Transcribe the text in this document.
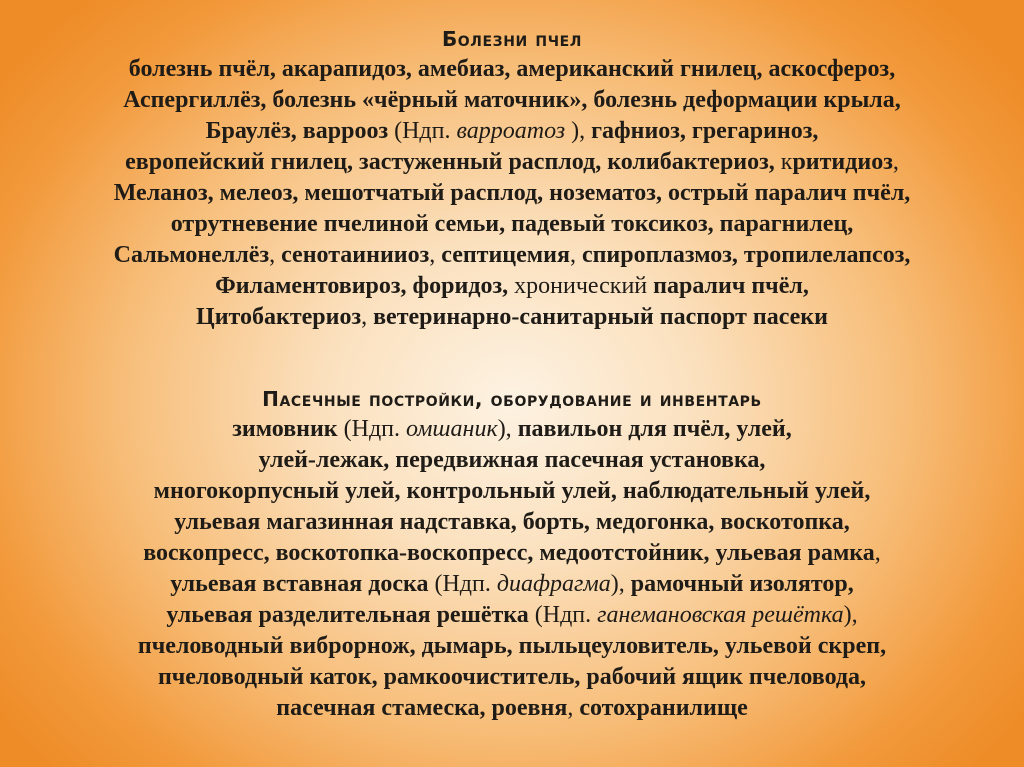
Болезни пчел
болезнь пчёл, акарапидоз, амебиаз, американский гнилец, аскосфероз,
Аспергиллёз, болезнь «чёрный маточник», болезнь деформации крыла,
Браулёз, варрооз (Ндп. варроатоз ), гафниоз, грегариноз,
европейский гнилец, застуженный расплод, колибактериоз, критидиоз,
Меланоз, мелеоз, мешотчатый расплод, нозематоз, острый паралич пчёл,
отрутневение пчелиной семьи, падевый токсикоз, парагнилец,
Сальмонеллёз, сенотаинииоз, септицемия, спироплазмоз, тропилелапсоз,
Филаментовироз, форидоз, хронический паралич пчёл,
Цитобактериоз, ветеринарно-санитарный паспорт пасеки
Пасечные постройки, оборудование и инвентарь
зимовник (Ндп. омшаник), павильон для пчёл, улей,
улей-лежак, передвижная пасечная установка,
многокорпусный улей, контрольный улей, наблюдательный улей,
ульевая магазинная надставка, борть, медогонка, воскотопка,
воскопресс, воскотопка-воскопресс, медоотстойник, ульевая рамка,
ульевая вставная доска (Ндп. диафрагма), рамочный изолятор,
ульевая разделительная решётка (Ндп. ганемановская решётка),
пчеловодный виброрнож, дымарь, пыльцеуловитель, ульевой скреп,
пчеловодный каток, рамкоочиститель, рабочий ящик пчеловода,
пасечная стамеска, роевня, сотохранилище
